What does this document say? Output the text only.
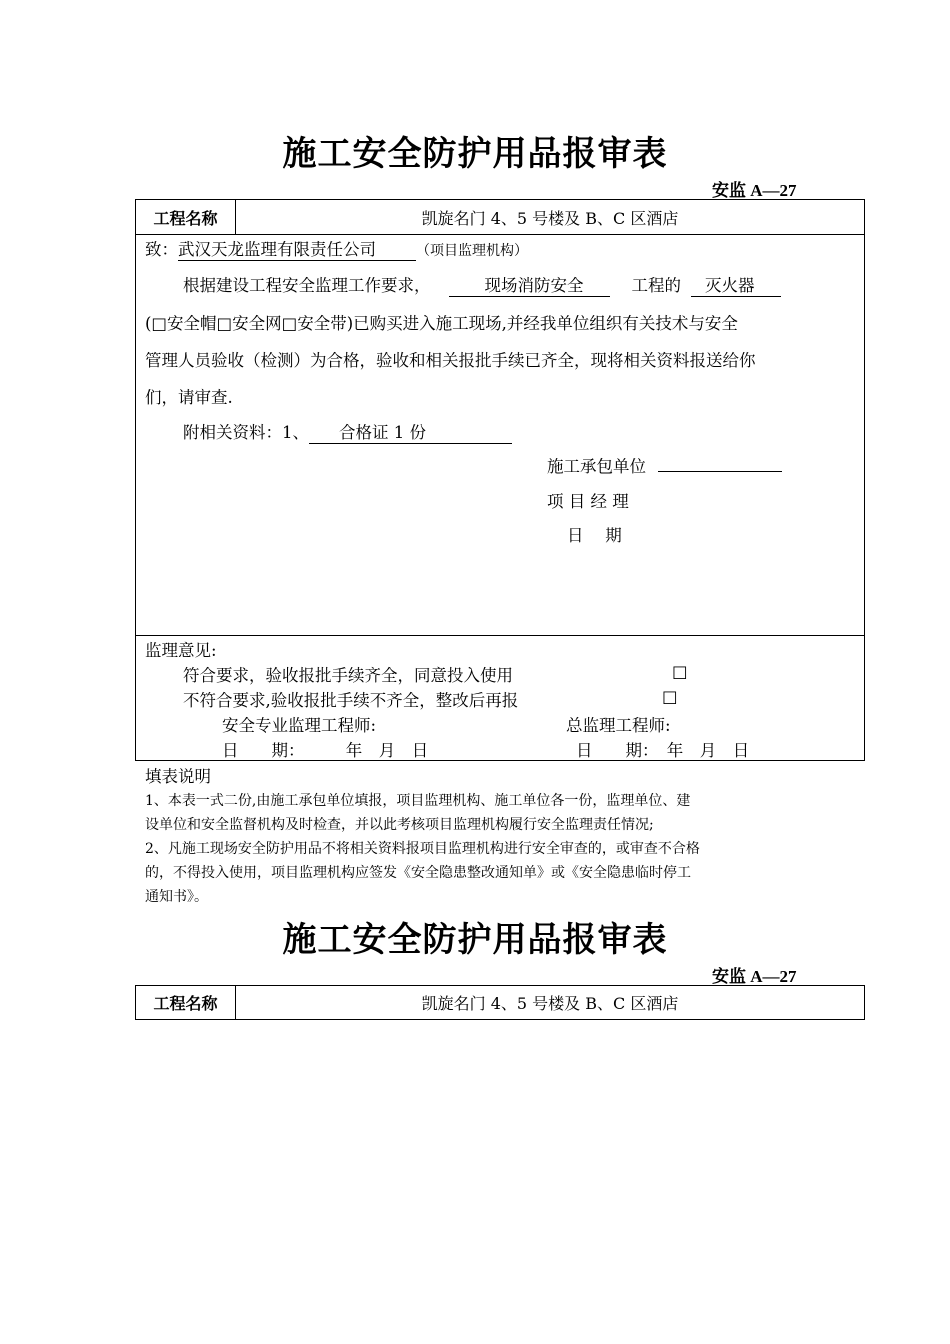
施工安全防护用品报审表
安监 A—27
工程名称	凯旋名门 4、5 号楼及 B、C 区酒店
致：武汉天龙监理有限责任公司	（项目监理机构）
根据建设工程安全监理工作要求，	现场消防安全	工程的 灭火器
(□安全帽□安全网□安全带)已购买进入施工现场,并经我单位组织有关技术与安全
管理人员验收（检测）为合格，验收和相关报批手续已齐全，现将相关资料报送给你
们，请审查.
附相关资料：1、 合格证 1 份
施工承包单位
项 目 经 理
日　 期
监理意见:
符合要求，验收报批手续齐全，同意投入使用	□
不符合要求,验收报批手续不齐全，整改后再报	□
安全专业监理工程师:	总监理工程师:
日　　期：　　　年　月　日	日　　期：　年　月　日
填表说明
1、本表一式二份,由施工承包单位填报，项目监理机构、施工单位各一份，监理单位、建
设单位和安全监督机构及时检查，并以此考核项目监理机构履行安全监理责任情况;
2、凡施工现场安全防护用品不将相关资料报项目监理机构进行安全审查的，或审查不合格
的，不得投入使用，项目监理机构应签发《安全隐患整改通知单》或《安全隐患临时停工
通知书》。
施工安全防护用品报审表
安监 A—27
工程名称	凯旋名门 4、5 号楼及 B、C 区酒店
